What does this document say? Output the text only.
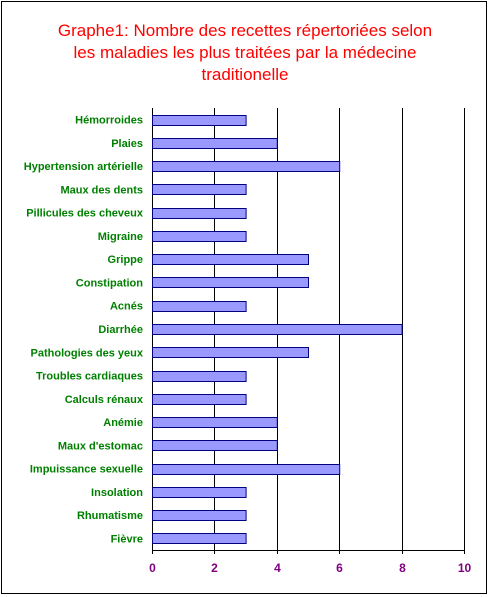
Graphe1: Nombre des recettes répertoriées selon
les maladies les plus traitées par la médecine
traditionelle
Hémorroides
Plaies
Hypertension artérielle
Maux des dents
Pillicules des cheveux
Migraine
Grippe
Constipation
Acnés
Diarrhée
Pathologies des yeux
Troubles cardiaques
Calculs rénaux
Anémie
Maux d'estomac
Impuissance sexuelle
Insolation
Rhumatisme
Fièvre
0	2	4	6	8	10
